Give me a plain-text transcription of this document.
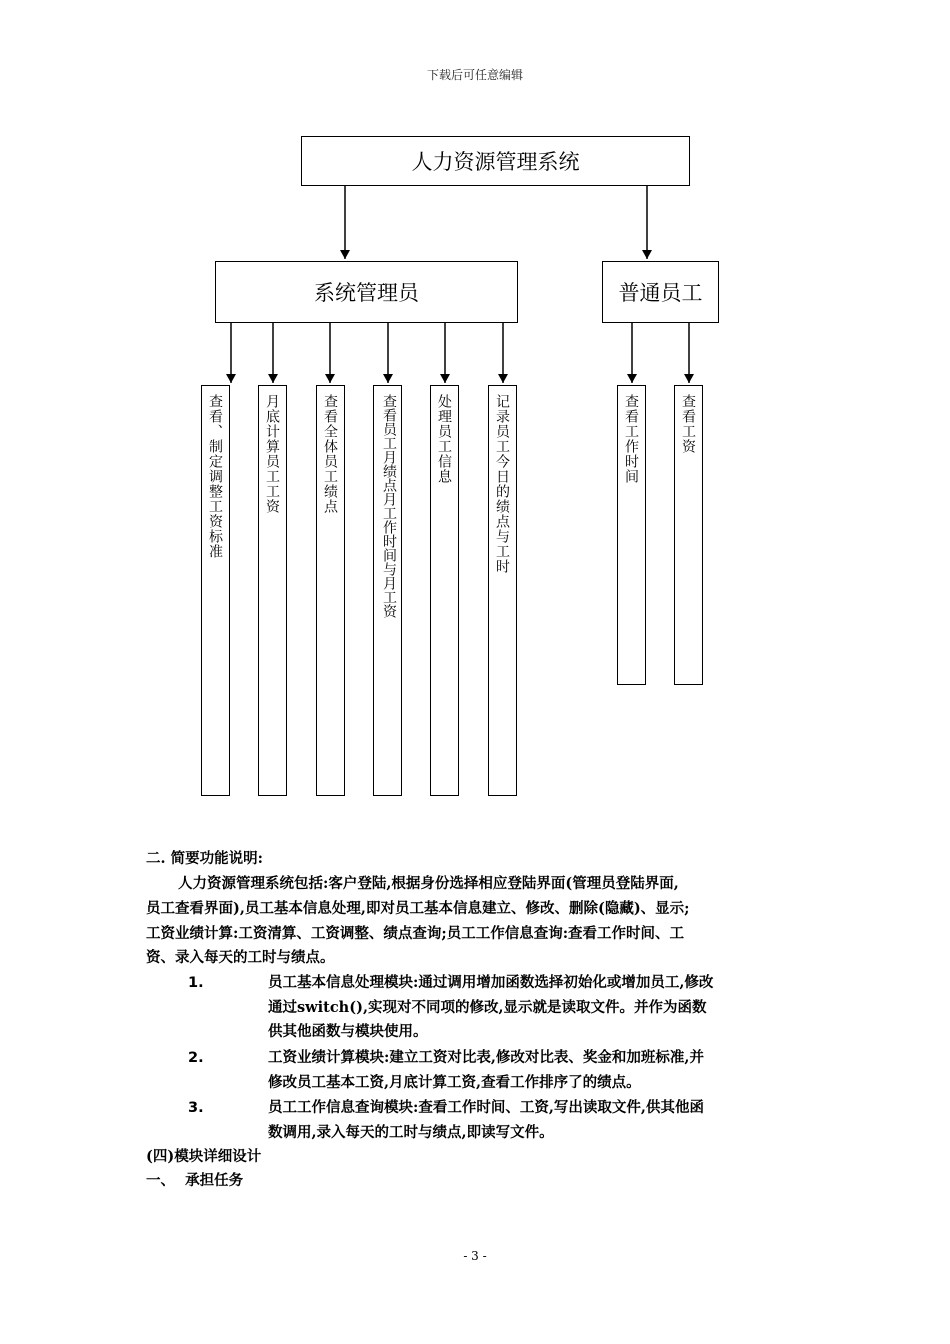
下载后可任意编辑
人力资源管理系统
系统管理员	普通员工
查看、制定调整工资标准	月底计算员工工资	查看全体员工绩点	查看员工月绩点月工作时间与月工资	处理员工信息	记录员工今日的绩点与工时	查看工作时间	查看工资
二. 简要功能说明:
人力资源管理系统包括:客户登陆,根据身份选择相应登陆界面(管理员登陆界面,
员工查看界面),员工基本信息处理,即对员工基本信息建立、修改、删除(隐藏)、显示;
工资业绩计算:工资清算、工资调整、绩点查询;员工工作信息查询:查看工作时间、工
资、录入每天的工时与绩点。
1.	员工基本信息处理模块:通过调用增加函数选择初始化或增加员工,修改
通过switch(),实现对不同项的修改,显示就是读取文件。并作为函数
供其他函数与模块使用。
2.	工资业绩计算模块:建立工资对比表,修改对比表、奖金和加班标准,并
修改员工基本工资,月底计算工资,查看工作排序了的绩点。
3.	员工工作信息查询模块:查看工作时间、工资,写出读取文件,供其他函
数调用,录入每天的工时与绩点,即读写文件。
(四)模块详细设计
一、  承担任务
- 3 -
